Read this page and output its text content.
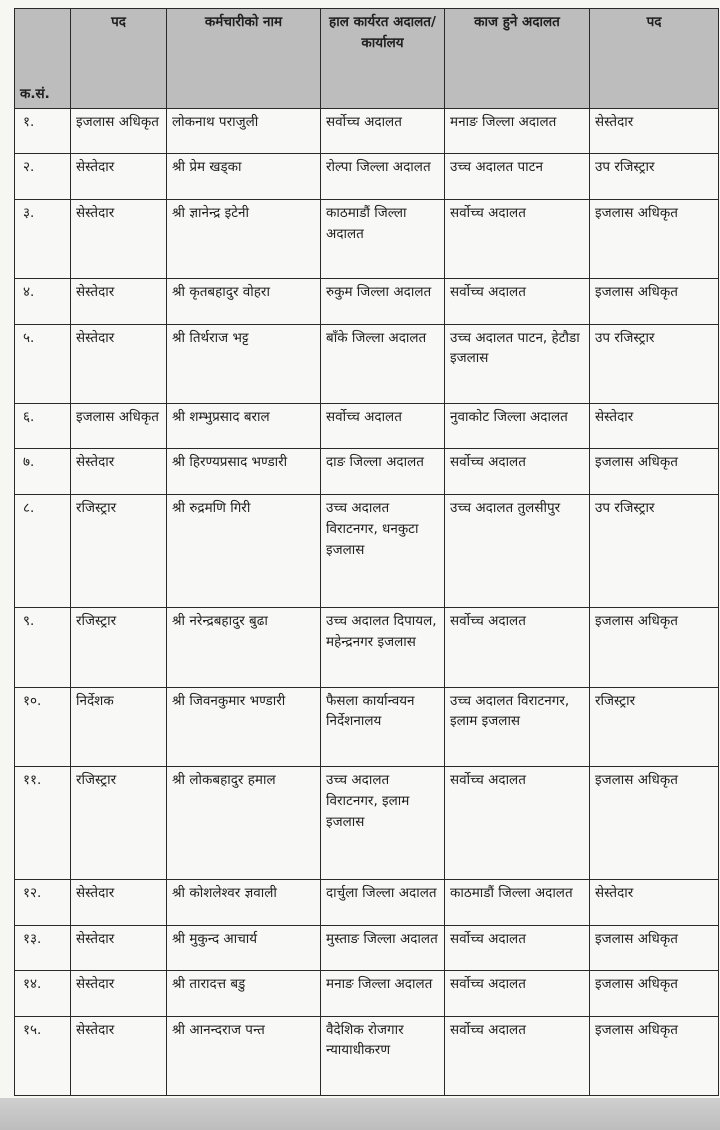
क.सं.	पद	कर्मचारीको नाम	हाल कार्यरत अदालत/कार्यालय	काज हुने अदालत	पद
१.	इजलास अधिकृत	लोकनाथ पराजुली	सर्वोच्च अदालत	मनाङ जिल्ला अदालत	सेस्तेदार
२.	सेस्तेदार	श्री प्रेम खड्का	रोल्पा जिल्ला अदालत	उच्च अदालत पाटन	उप रजिस्ट्रार
३.	सेस्तेदार	श्री ज्ञानेन्द्र इटेनी	काठमाडौं जिल्ला अदालत	सर्वोच्च अदालत	इजलास अधिकृत
४.	सेस्तेदार	श्री कृतबहादुर वोहरा	रुकुम जिल्ला अदालत	सर्वोच्च अदालत	इजलास अधिकृत
५.	सेस्तेदार	श्री तिर्थराज भट्ट	बाँके जिल्ला अदालत	उच्च अदालत पाटन, हेटौडा इजलास	उप रजिस्ट्रार
६.	इजलास अधिकृत	श्री शम्भुप्रसाद बराल	सर्वोच्च अदालत	नुवाकोट जिल्ला अदालत	सेस्तेदार
७.	सेस्तेदार	श्री हिरण्यप्रसाद भण्डारी	दाङ जिल्ला अदालत	सर्वोच्च अदालत	इजलास अधिकृत
८.	रजिस्ट्रार	श्री रुद्रमणि गिरी	उच्च अदालत विराटनगर, धनकुटा इजलास	उच्च अदालत तुलसीपुर	उप रजिस्ट्रार
९.	रजिस्ट्रार	श्री नरेन्द्रबहादुर बुढा	उच्च अदालत दिपायल, महेन्द्रनगर इजलास	सर्वोच्च अदालत	इजलास अधिकृत
१०.	निर्देशक	श्री जिवनकुमार भण्डारी	फैसला कार्यान्वयन निर्देशनालय	उच्च अदालत विराटनगर, इलाम इजलास	रजिस्ट्रार
११.	रजिस्ट्रार	श्री लोकबहादुर हमाल	उच्च अदालत विराटनगर, इलाम इजलास	सर्वोच्च अदालत	इजलास अधिकृत
१२.	सेस्तेदार	श्री कोशलेश्वर ज्ञवाली	दार्चुला जिल्ला अदालत	काठमाडौं जिल्ला अदालत	सेस्तेदार
१३.	सेस्तेदार	श्री मुकुन्द आचार्य	मुस्ताङ जिल्ला अदालत	सर्वोच्च अदालत	इजलास अधिकृत
१४.	सेस्तेदार	श्री तारादत्त बडु	मनाङ जिल्ला अदालत	सर्वोच्च अदालत	इजलास अधिकृत
१५.	सेस्तेदार	श्री आनन्दराज पन्त	वैदेशिक रोजगार न्यायाधीकरण	सर्वोच्च अदालत	इजलास अधिकृत
